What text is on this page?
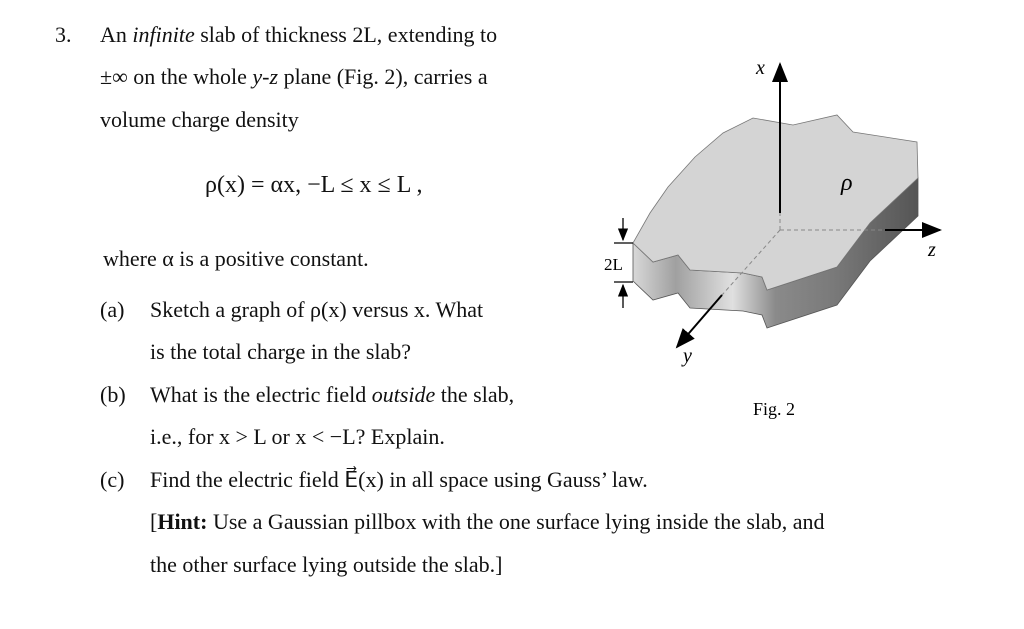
3. An infinite slab of thickness 2L, extending to
±∞ on the whole y-z plane (Fig. 2), carries a
volume charge density
ρ(x) = αx, −L ≤ x ≤ L ,
where α is a positive constant.
(a) Sketch a graph of ρ(x) versus x. What
is the total charge in the slab?
(b) What is the electric field outside the slab,
i.e., for x > L or x < −L? Explain.
(c) Find the electric field E⃗(x) in all space using Gauss’ law.
[Hint: Use a Gaussian pillbox with the one surface lying inside the slab, and
the other surface lying outside the slab.]
x
y
z
ρ
2L
Fig. 2
